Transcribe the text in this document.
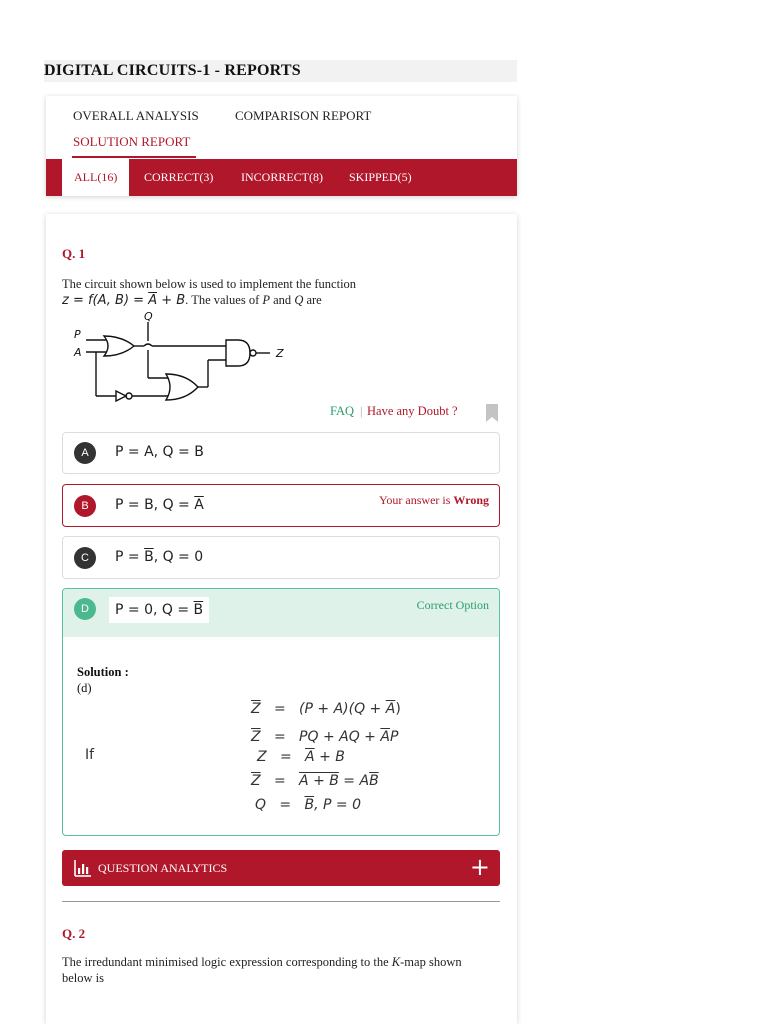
DIGITAL CIRCUITS-1 - REPORTS
OVERALL ANALYSIS	COMPARISON REPORT
SOLUTION REPORT
ALL(16)	CORRECT(3)	INCORRECT(8)	SKIPPED(5)
Q. 1
The circuit shown below is used to implement the function
z = f(A, $B) = \overline{A} + B$. The values of P and Q are
P
A
Q
Z
FAQ | Have any Doubt ?
A	P = A, Q = B
B	P = B, $Q = \overline{A}$	Your answer is Wrong
C	$P = \overline{B}$, Q = 0
D	P = 0, $Q = \overline{B}$	Correct Option
Solution :
(d)
If
$\overline{Z} = (P + A)(Q + \overline{A})$
$\overline{Z}$ = PQ + AQ + $\overline{A}P$
$Z = \overline{A} + B$
$\overline{Z} = A + B = A\overline{B}$
$Q = \overline{B}$, P = 0
QUESTION ANALYTICS	+
Q. 2
The irredundant minimised logic expression corresponding to the K-map shown
below is
